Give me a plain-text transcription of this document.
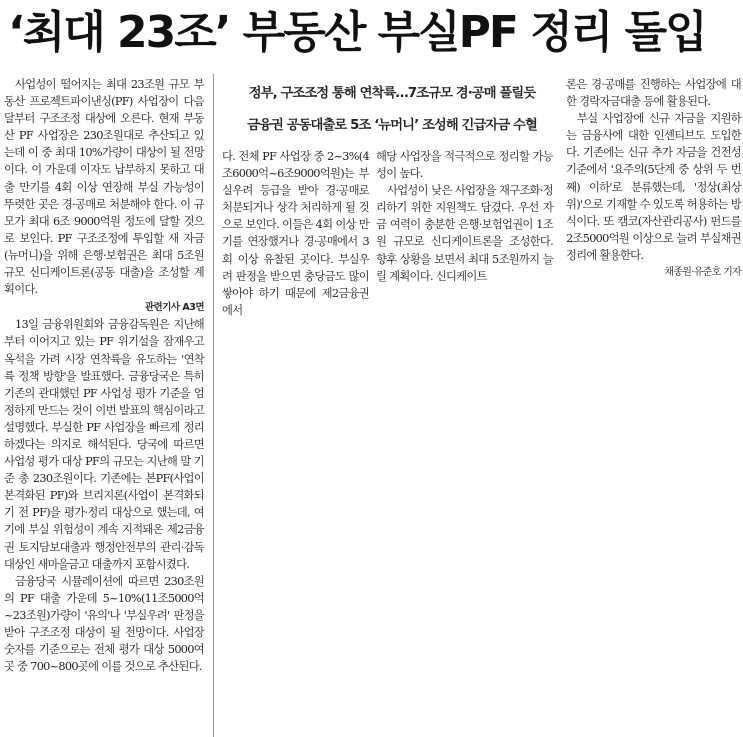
‘최대 23조’ 부동산 부실PF 정리 돌입

사업성이 떨어지는 최대 23조원 규모 부동산 프로젝트파이낸싱(PF) 사업장이 다음달부터 구조조정 대상에 오른다. 현재 부동산 PF 사업장은 230조원대로 추산되고 있는데 이 중 최대 10%가량이 대상이 될 전망이다. 이 가운데 이자도 납부하지 못하고 대출 만기를 4회 이상 연장해 부실 가능성이 뚜렷한 곳은 경·공매로 처분해야 한다. 이 규모가 최대 6조 9000억원 정도에 달할 것으로 보인다. PF 구조조정에 투입할 새 자금(뉴머니)을 위해 은행·보험권은 최대 5조원 규모 신디케이트론(공동 대출)을 조성할 계획이다.

관련기사 A3면

13일 금융위원회와 금융감독원은 지난해부터 이어지고 있는 PF 위기설을 잠재우고 옥석을 가려 시장 연착륙을 유도하는 '연착륙 정책 방향'을 발표했다. 금융당국은 특히 기존의 관대했던 PF 사업성 평가 기준을 엄정하게 만드는 것이 이번 발표의 핵심이라고 설명했다. 부실한 PF 사업장을 빠르게 정리하겠다는 의지로 해석된다. 당국에 따르면 사업성 평가 대상 PF의 규모는 지난해 말 기준 총 230조원이다. 기존에는 본PF(사업이 본격화된 PF)와 브리지론(사업이 본격화되기 전 PF)을 평가·정리 대상으로 했는데, 여기에 부실 위험성이 계속 지적돼온 제2금융권 토지담보대출과 행정안전부의 관리·감독 대상인 새마을금고 대출까지 포함시켰다.

금융당국 시뮬레이션에 따르면 230조원의 PF 대출 가운데 5~10%(11조5000억~23조원)가량이 '유의'나 '부실우려' 판정을 받아 구조조정 대상이 될 전망이다. 사업장 숫자를 기준으로는 전체 평가 대상 5000여 곳 중 700~800곳에 이를 것으로 추산된다.

정부, 구조조정 통해 연착륙…7조규모 경·공매 풀릴듯
금융권 공동대출로 5조 ‘뉴머니’ 조성해 긴급자금 수혈

다. 전체 PF 사업장 중 2~3%(4조6000억~6조9000억원)는 부실우려 등급을 받아 경·공매로 처분되거나 상각 처리하게 될 것으로 보인다. 이들은 4회 이상 만기를 연장했거나 경·공매에서 3회 이상 유찰된 곳이다. 부실우려 판정을 받으면 충당금도 많이 쌓아야 하기 때문에 제2금융권에서

해당 사업장을 적극적으로 정리할 가능성이 높다.

사업성이 낮은 사업장을 재구조화·정리하기 위한 지원책도 담겼다. 우선 자금 여력이 충분한 은행·보험업권이 1조원 규모로 신디케이트론을 조성한다. 향후 상황을 보면서 최대 5조원까지 늘릴 계획이다. 신디케이트

론은 경·공매를 진행하는 사업장에 대한 경락자금대출 등에 활용된다.

부실 사업장에 신규 자금을 지원하는 금융사에 대한 인센티브도 도입한다. 기존에는 신규 추가 자금을 건전성 기준에서 '요주의(5단계 중 상위 두 번째) 이하'로 분류했는데, '정상(최상위)'으로 기재할 수 있도록 허용하는 방식이다. 또 캠코(자산관리공사) 펀드를 2조5000억원 이상으로 늘려 부실채권 정리에 활용한다.

채종원·유준호 기자
